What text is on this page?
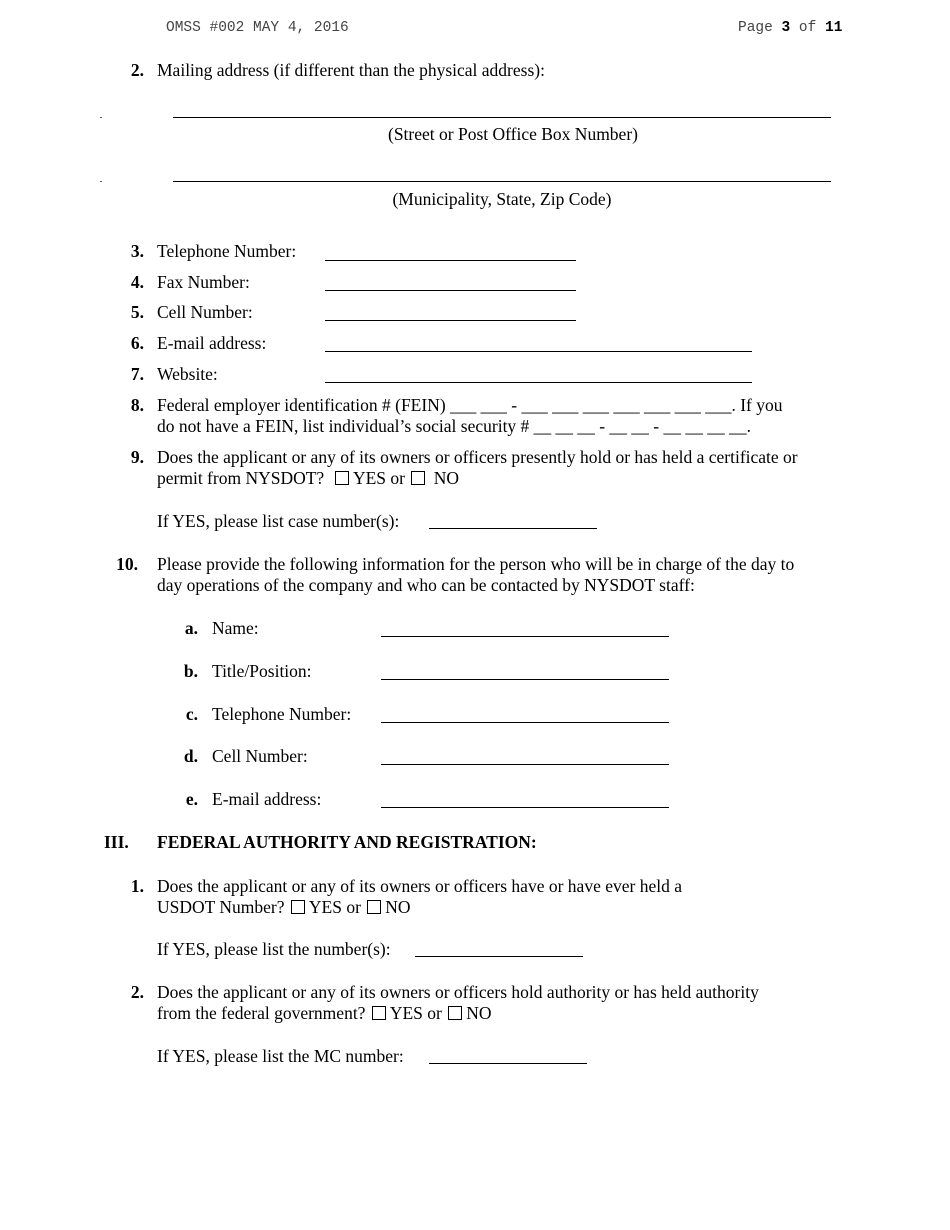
OMSS #002 MAY 4, 2016	Page 3 of 11
2. Mailing address (if different than the physical address):
(Street or Post Office Box Number)
(Municipality, State, Zip Code)
3. Telephone Number:
4. Fax Number:
5. Cell Number:
6. E-mail address:
7. Website:
8. Federal employer identification # (FEIN) ___ ___ - ___ ___ ___ ___ ___ ___ ___. If you
do not have a FEIN, list individual’s social security # __ __ __ - __ __ - __ __ __ __.
9. Does the applicant or any of its owners or officers presently hold or has held a certificate or
permit from NYSDOT? YES or NO
If YES, please list case number(s):
10. Please provide the following information for the person who will be in charge of the day to
day operations of the company and who can be contacted by NYSDOT staff:
a. Name:
b. Title/Position:
c. Telephone Number:
d. Cell Number:
e. E-mail address:
III. FEDERAL AUTHORITY AND REGISTRATION:
1. Does the applicant or any of its owners or officers have or have ever held a
USDOT Number? YES or NO
If YES, please list the number(s):
2. Does the applicant or any of its owners or officers hold authority or has held authority
from the federal government? YES or NO
If YES, please list the MC number:
